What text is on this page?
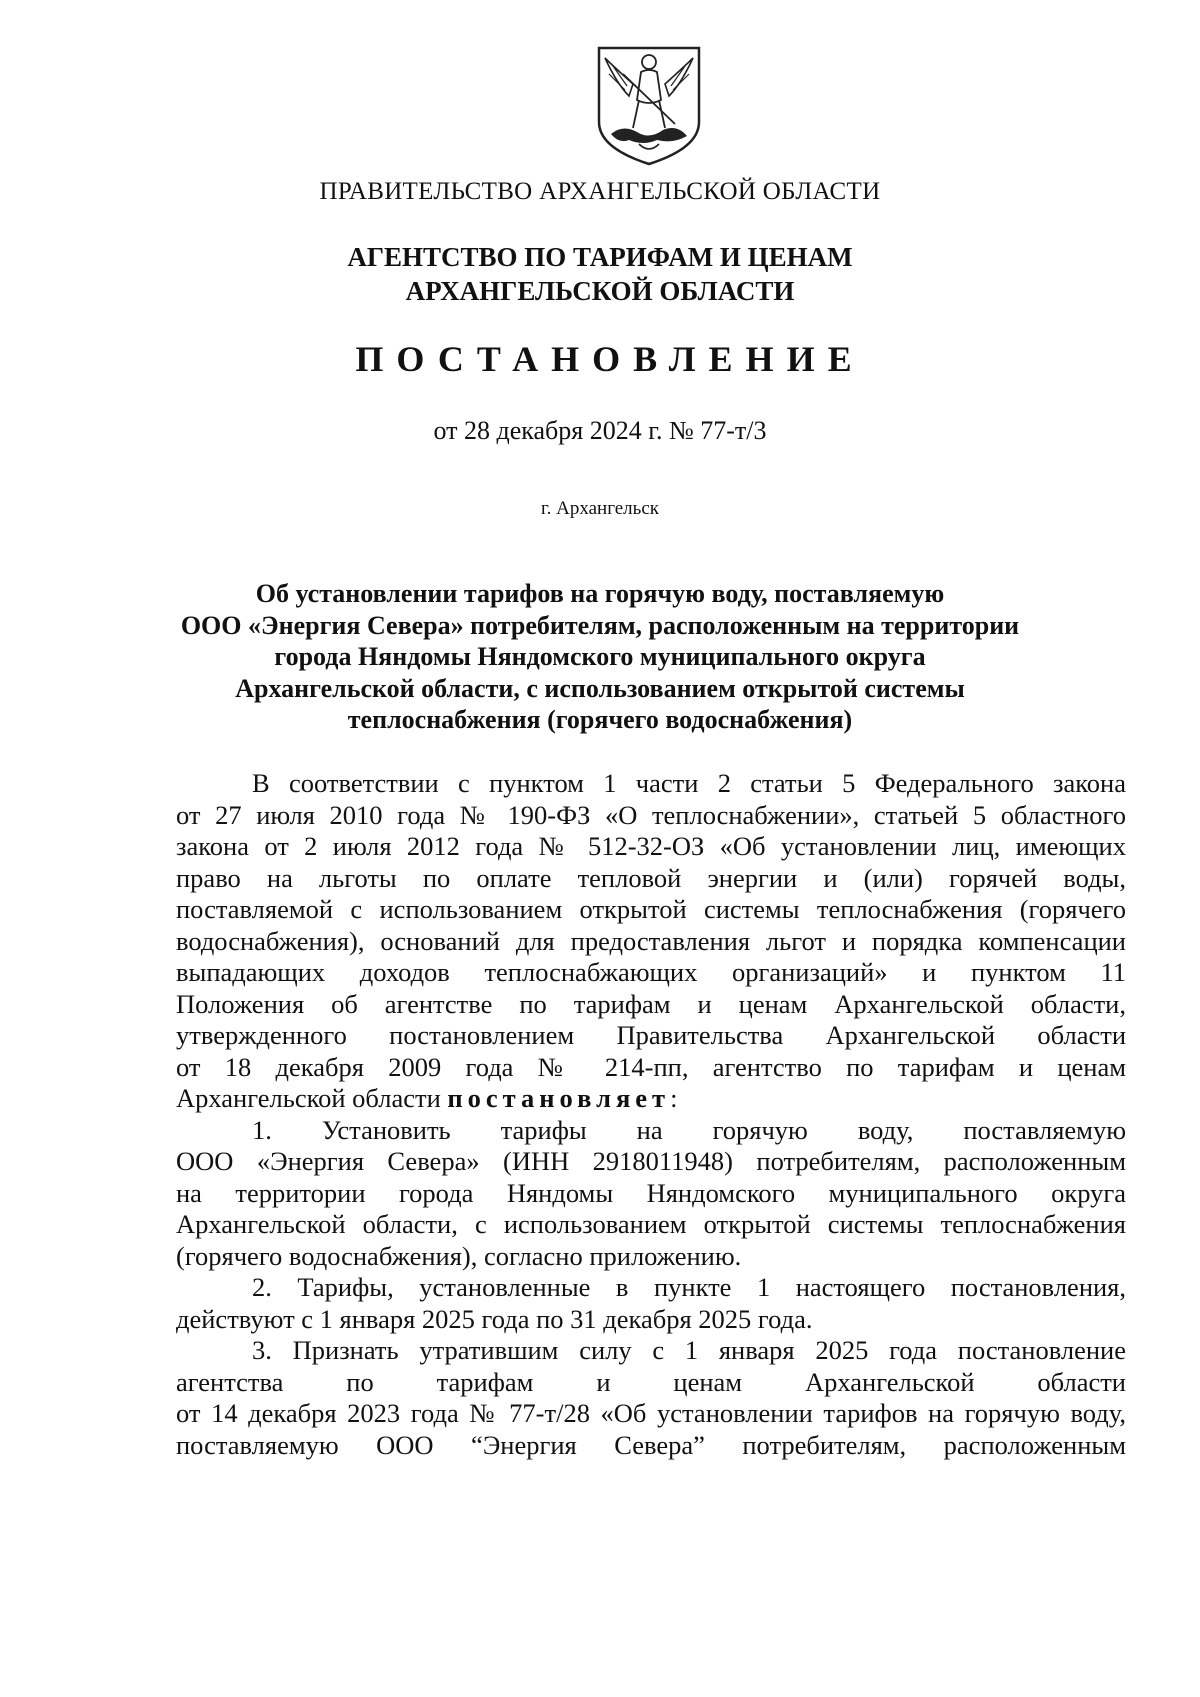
ПРАВИТЕЛЬСТВО АРХАНГЕЛЬСКОЙ ОБЛАСТИ
АГЕНТСТВО ПО ТАРИФАМ И ЦЕНАМ
АРХАНГЕЛЬСКОЙ ОБЛАСТИ
ПОСТАНОВЛЕНИЕ
от 28 декабря 2024 г. № 77-т/3
г. Архангельск
Об установлении тарифов на горячую воду, поставляемую
ООО «Энергия Севера» потребителям, расположенным на территории
города Няндомы Няндомского муниципального округа
Архангельской области, с использованием открытой системы
теплоснабжения (горячего водоснабжения)
В соответствии с пунктом 1 части 2 статьи 5 Федерального закона
от 27 июля 2010 года № 190-ФЗ «О теплоснабжении», статьей 5 областного
закона от 2 июля 2012 года № 512-32-ОЗ «Об установлении лиц, имеющих
право на льготы по оплате тепловой энергии и (или) горячей воды,
поставляемой с использованием открытой системы теплоснабжения (горячего
водоснабжения), оснований для предоставления льгот и порядка компенсации
выпадающих доходов теплоснабжающих организаций» и пунктом 11
Положения об агентстве по тарифам и ценам Архангельской области,
утвержденного постановлением Правительства Архангельской области
от 18 декабря 2009 года № 214-пп, агентство по тарифам и ценам
Архангельской области постановляет:
1. Установить тарифы на горячую воду, поставляемую
ООО «Энергия Севера» (ИНН 2918011948) потребителям, расположенным
на территории города Няндомы Няндомского муниципального округа
Архангельской области, с использованием открытой системы теплоснабжения
(горячего водоснабжения), согласно приложению.
2. Тарифы, установленные в пункте 1 настоящего постановления,
действуют с 1 января 2025 года по 31 декабря 2025 года.
3. Признать утратившим силу с 1 января 2025 года постановление
агентства по тарифам и ценам Архангельской области
от 14 декабря 2023 года № 77-т/28 «Об установлении тарифов на горячую воду,
поставляемую ООО “Энергия Севера” потребителям, расположенным
